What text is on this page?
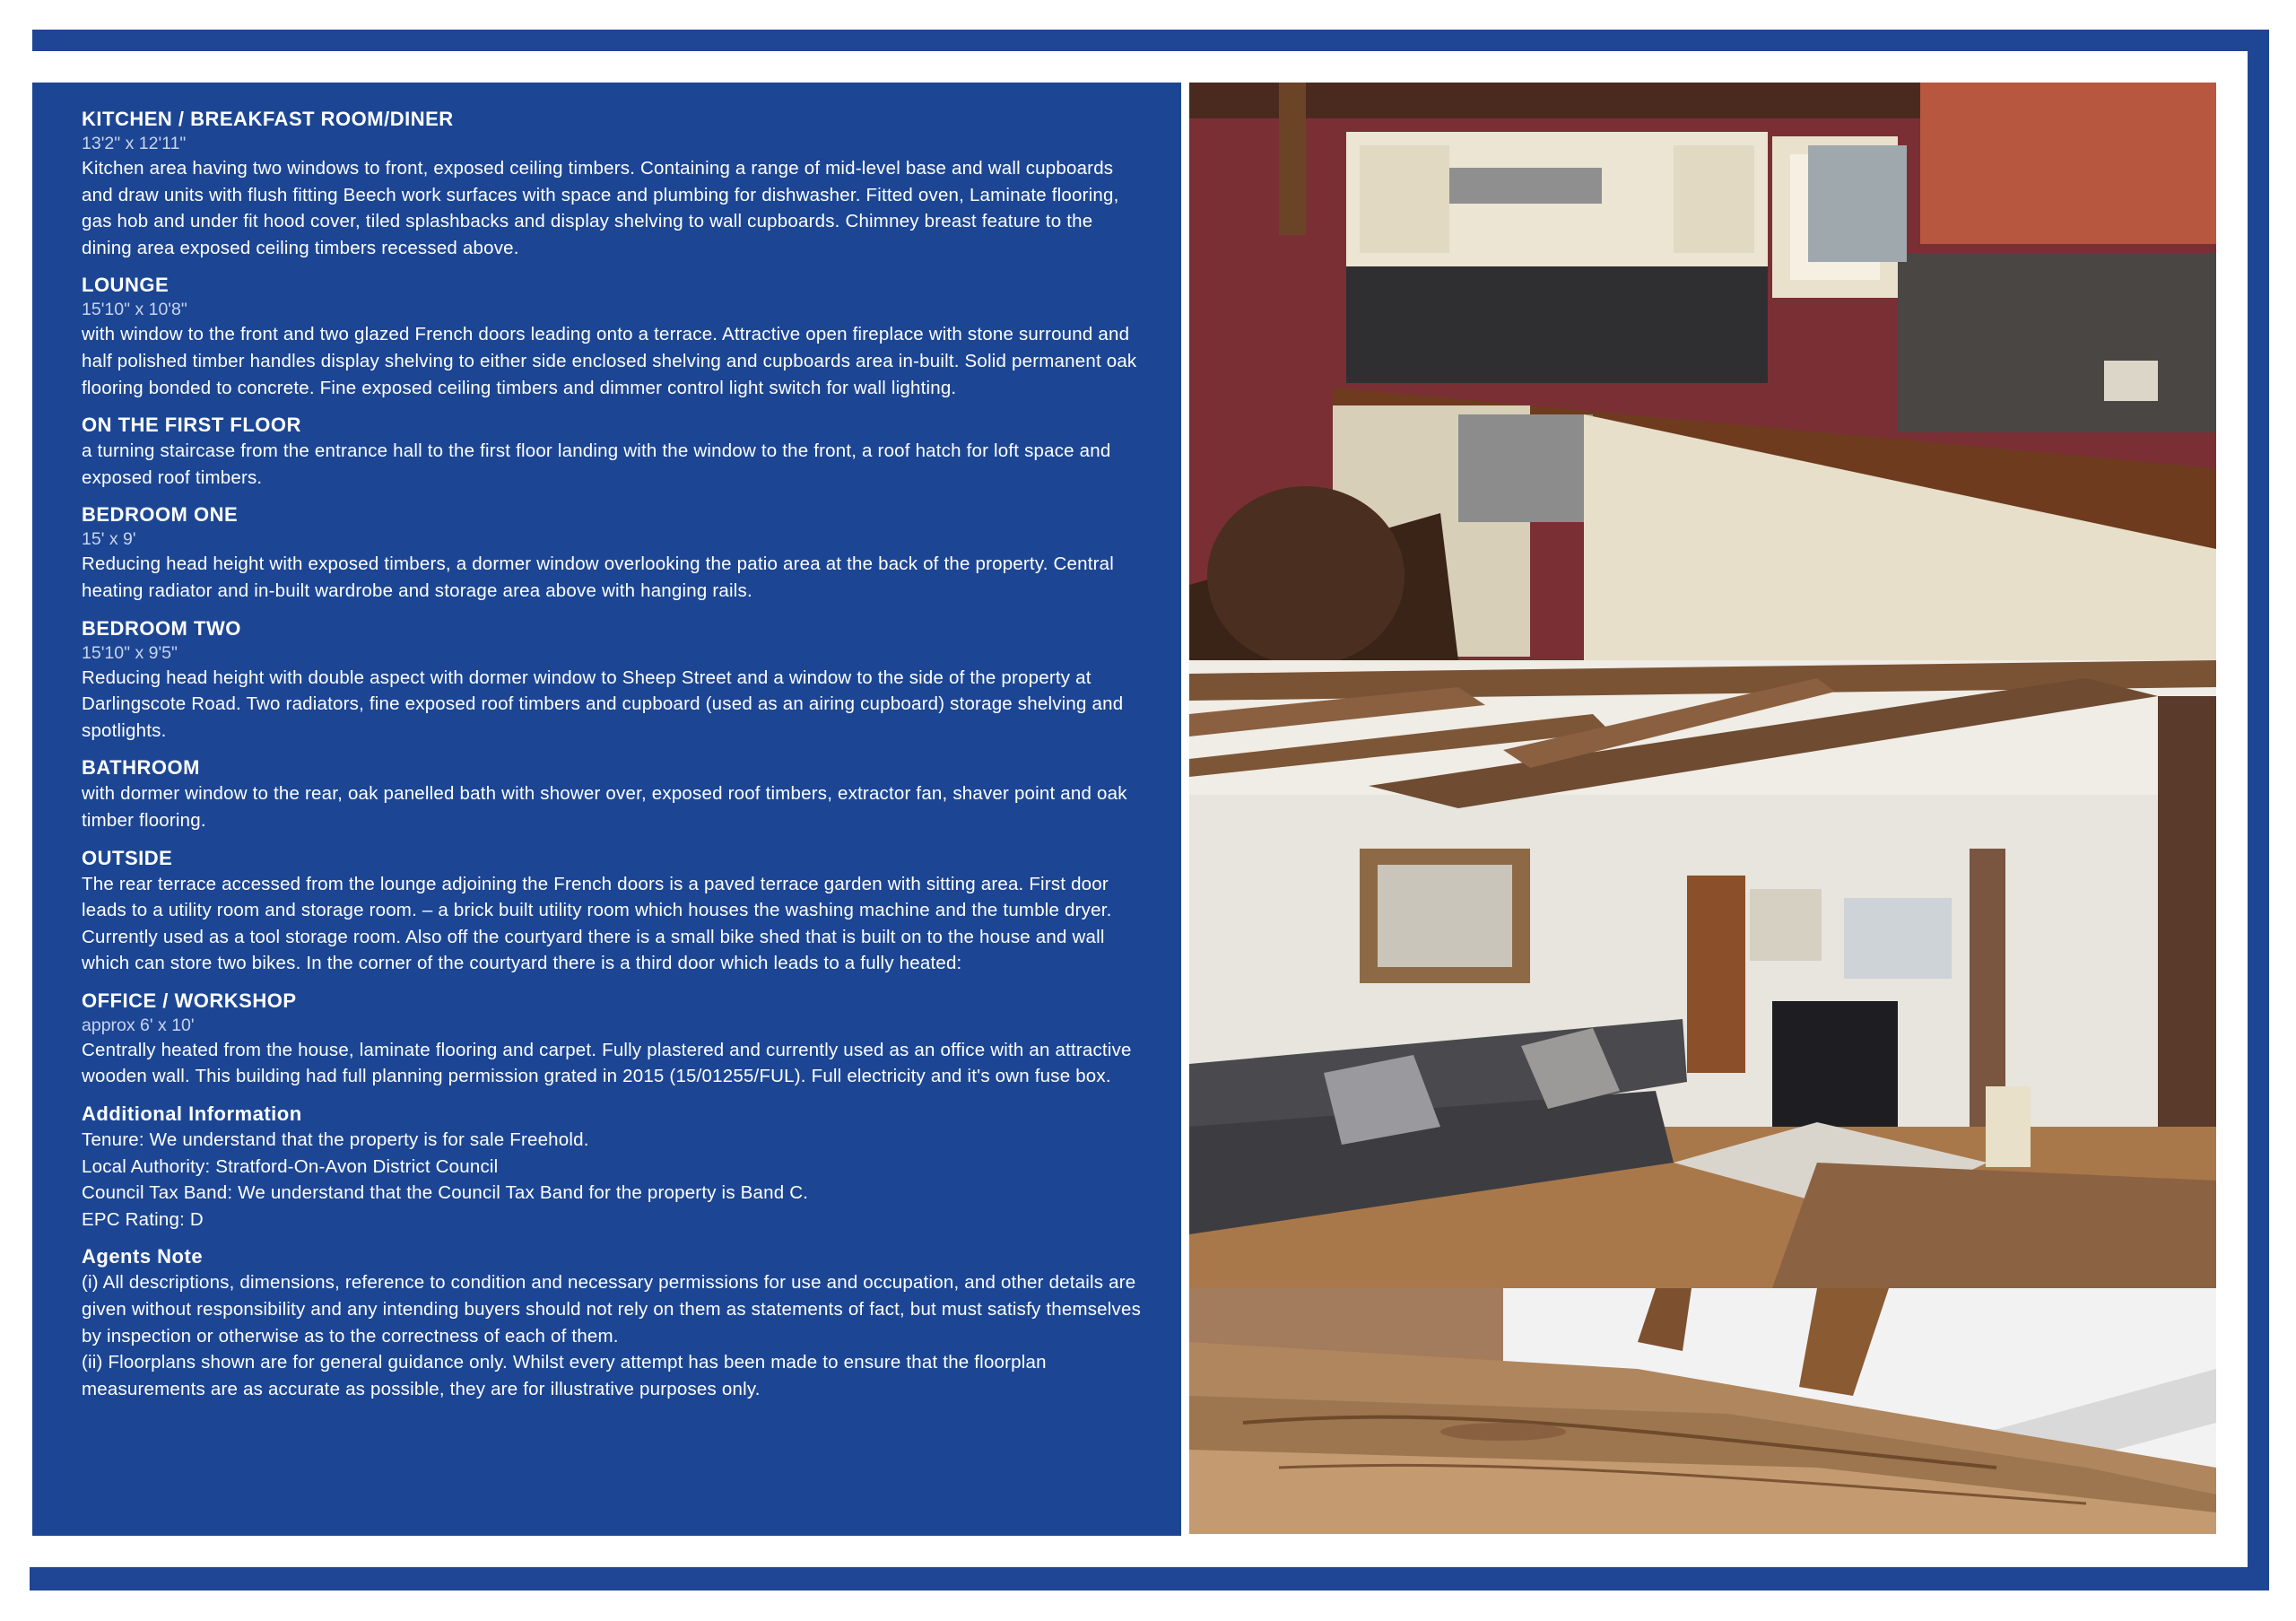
KITCHEN / BREAKFAST ROOM/DINER
13'2" x 12'11"
Kitchen area having two windows to front, exposed ceiling timbers. Containing a range of mid-level base and wall cupboards and draw units with flush fitting Beech work surfaces with space and plumbing for dishwasher. Fitted oven, Laminate flooring, gas hob and under fit hood cover, tiled splashbacks and display shelving to wall cupboards. Chimney breast feature to the dining area exposed ceiling timbers recessed above.
LOUNGE
15'10" x 10'8"
with window to the front and two glazed French doors leading onto a terrace. Attractive open fireplace with stone surround and half polished timber handles display shelving to either side enclosed shelving and cupboards area in-built. Solid permanent oak flooring bonded to concrete. Fine exposed ceiling timbers and dimmer control light switch for wall lighting.
ON THE FIRST FLOOR
a turning staircase from the entrance hall to the first floor landing with the window to the front, a roof hatch for loft space and exposed roof timbers.
BEDROOM ONE
15' x 9'
Reducing head height with exposed timbers, a dormer window overlooking the patio area at the back of the property. Central heating radiator and in-built wardrobe and storage area above with hanging rails.
BEDROOM TWO
15'10" x 9'5"
Reducing head height with double aspect with dormer window to Sheep Street and a window to the side of the property at Darlingscote Road. Two radiators, fine exposed roof timbers and cupboard (used as an airing cupboard) storage shelving and spotlights.
BATHROOM
with dormer window to the rear, oak panelled bath with shower over, exposed roof timbers, extractor fan, shaver point and oak timber flooring.
OUTSIDE
The rear terrace accessed from the lounge adjoining the French doors is a paved terrace garden with sitting area. First door leads to a utility room and storage room. – a brick built utility room which houses the washing machine and the tumble dryer. Currently used as a tool storage room. Also off the courtyard there is a small bike shed that is built on to the house and wall which can store two bikes. In the corner of the courtyard there is a third door which leads to a fully heated:
OFFICE / WORKSHOP
approx 6' x 10'
Centrally heated from the house, laminate flooring and carpet. Fully plastered and currently used as an office with an attractive wooden wall. This building had full planning permission grated in 2015 (15/01255/FUL). Full electricity and it's own fuse box.
Additional Information

Tenure: We understand that the property is for sale Freehold.

Local Authority: Stratford-On-Avon District Council

Council Tax Band: We understand that the Council Tax Band for the property is Band C.

EPC Rating: D

Agents Note

(i) All descriptions, dimensions, reference to condition and necessary permissions for use and occupation, and other details are given without responsibility and any intending buyers should not rely on them as statements of fact, but must satisfy themselves by inspection or otherwise as to the correctness of each of them.

(ii) Floorplans shown are for general guidance only. Whilst every attempt has been made to ensure that the floorplan measurements are as accurate as possible, they are for illustrative purposes only.
